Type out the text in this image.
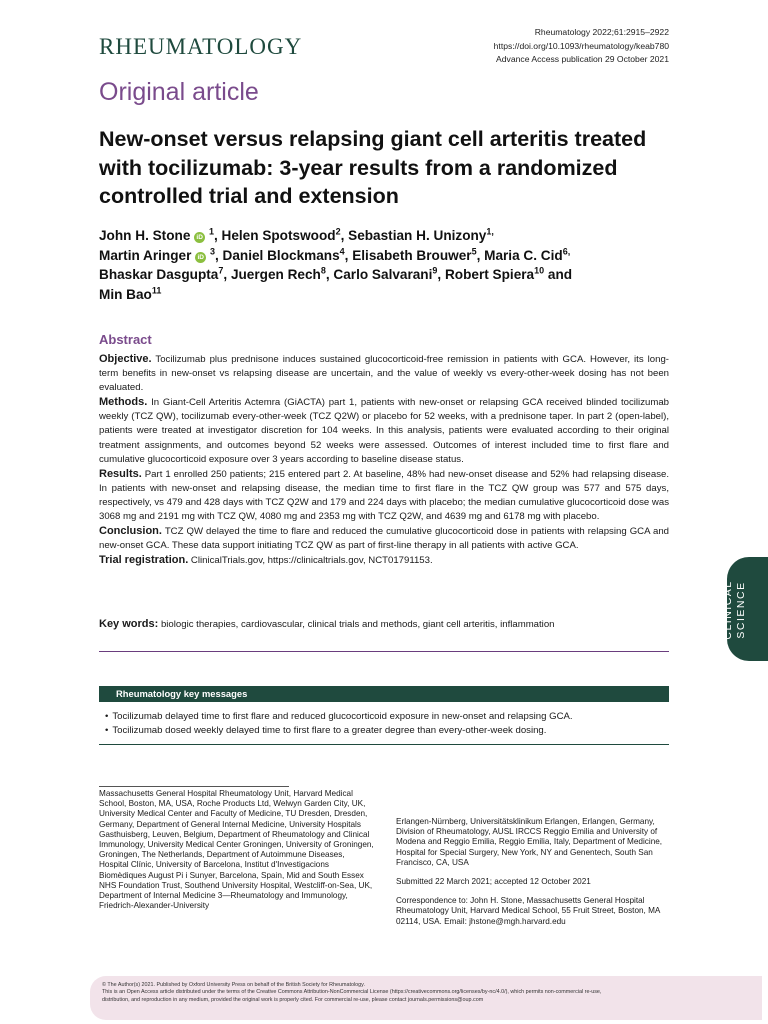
RHEUMATOLOGY
Rheumatology 2022;61:2915–2922
https://doi.org/10.1093/rheumatology/keab780
Advance Access publication 29 October 2021
Original article
New-onset versus relapsing giant cell arteritis treated with tocilizumab: 3-year results from a randomized controlled trial and extension
John H. Stone iD $^1$, Helen Spotswood$^2$, Sebastian H. Unizony$^{1,}$
Martin Aringer iD $^3$, Daniel Blockmans$^4$, Elisabeth Brouwer$^5$, Maria C. Cid$^{6,}$
Bhaskar Dasgupta$^7$, Juergen Rech$^8$, Carlo Salvarani$^9$, Robert Spiera$^{10}$ and
Min Bao$^{11}$
Abstract

Objective. Tocilizumab plus prednisone induces sustained glucocorticoid-free remission in patients with GCA. However, its long-term benefits in new-onset vs relapsing disease are uncertain, and the value of weekly vs every-other-week dosing has not been evaluated.

Methods. In Giant-Cell Arteritis Actemra (GiACTA) part 1, patients with new-onset or relapsing GCA received blinded tocilizumab weekly (TCZ QW), tocilizumab every-other-week (TCZ Q2W) or placebo for 52 weeks, with a prednisone taper. In part 2 (open-label), patients were treated at investigator discretion for 104 weeks. In this analysis, patients were evaluated according to their original treatment assignments, and outcomes beyond 52 weeks were assessed. Outcomes of interest included time to first flare and cumulative glucocorticoid exposure over 3 years according to baseline disease status.

Results. Part 1 enrolled 250 patients; 215 entered part 2. At baseline, 48% had new-onset disease and 52% had relapsing disease. In patients with new-onset and relapsing disease, the median time to first flare in the TCZ QW group was 577 and 575 days, respectively, vs 479 and 428 days with TCZ Q2W and 179 and 224 days with placebo; the median cumulative glucocorticoid dose was 3068 mg and 2191 mg with TCZ QW, 4080 mg and 2353 mg with TCZ Q2W, and 4639 mg and 6178 mg with placebo.

Conclusion. TCZ QW delayed the time to flare and reduced the cumulative glucocorticoid dose in patients with relapsing GCA and new-onset GCA. These data support initiating TCZ QW as part of first-line therapy in all patients with active GCA.

Trial registration. ClinicalTrials.gov, https://clinicaltrials.gov, NCT01791153.

Key words: biologic therapies, cardiovascular, clinical trials and methods, giant cell arteritis, inflammation	CLINICAL SCIENCE
Rheumatology key messages
• Tocilizumab delayed time to first flare and reduced glucocorticoid exposure in new-onset and relapsing GCA.
• Tocilizumab dosed weekly delayed time to first flare to a greater degree than every-other-week dosing.
Massachusetts General Hospital Rheumatology Unit, Harvard Medical School, Boston, MA, USA, Roche Products Ltd, Welwyn Garden City, UK, University Medical Center and Faculty of Medicine, TU Dresden, Dresden, Germany, Department of General Internal Medicine, University Hospitals Gasthuisberg, Leuven, Belgium, Department of Rheumatology and Clinical Immunology, University Medical Center Groningen, University of Groningen, Groningen, The Netherlands, Department of Autoimmune Diseases, Hospital Clínic, University of Barcelona, Institut d'Investigacions Biomèdiques August Pi i Sunyer, Barcelona, Spain, Mid and South Essex NHS Foundation Trust, Southend University Hospital, Westcliff-on-Sea, UK, Department of Internal Medicine 3—Rheumatology and Immunology, Friedrich-Alexander-University

Erlangen-Nürnberg, Universitätsklinikum Erlangen, Erlangen, Germany, Division of Rheumatology, AUSL IRCCS Reggio Emilia and University of Modena and Reggio Emilia, Reggio Emilia, Italy, Department of Medicine, Hospital for Special Surgery, New York, NY and Genentech, South San Francisco, CA, USA

Submitted 22 March 2021; accepted 12 October 2021

Correspondence to: John H. Stone, Massachusetts General Hospital Rheumatology Unit, Harvard Medical School, 55 Fruit Street, Boston, MA 02114, USA. Email: jhstone@mgh.harvard.edu

© The Author(s) 2021. Published by Oxford University Press on behalf of the British Society for Rheumatology.
This is an Open Access article distributed under the terms of the Creative Commons Attribution-NonCommercial License (https://creativecommons.org/licenses/by-nc/4.0/), which permits non-commercial re-use,
distribution, and reproduction in any medium, provided the original work is properly cited. For commercial re-use, please contact journals.permissions@oup.com
